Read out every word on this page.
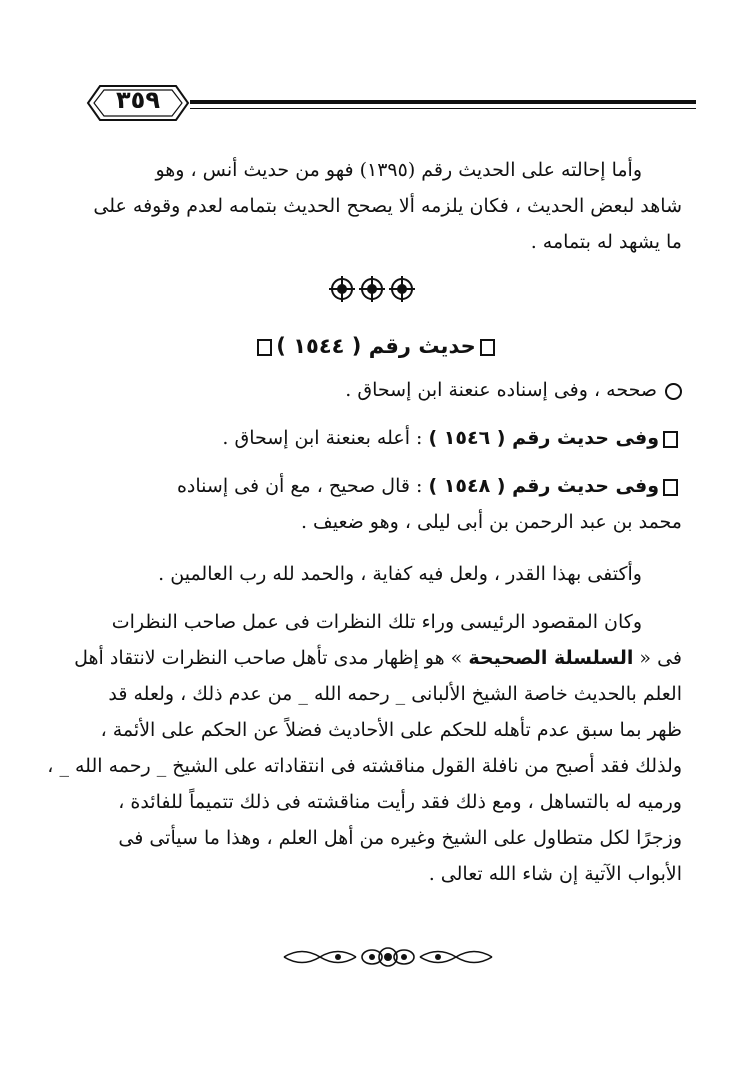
٣٥٩
وأما إحالته على الحديث رقم (١٣٩٥) فهو من حديث أنس ، وهو
شاهد لبعض الحديث ، فكان يلزمه ألا يصحح الحديث بتمامه لعدم وقوفه على
ما يشهد له بتمامه .
حديث رقم ( ١٥٤٤ )
صححه ، وفى إسناده عنعنة ابن إسحاق .
وفى حديث رقم ( ١٥٤٦ ) : أعله بعنعنة ابن إسحاق .
وفى حديث رقم ( ١٥٤٨ ) : قال صحيح ، مع أن فى إسناده
محمد بن عبد الرحمن بن أبى ليلى ، وهو ضعيف .
وأكتفى بهذا القدر ، ولعل فيه كفاية ، والحمد لله رب العالمين .
وكان المقصود الرئيسى وراء تلك النظرات فى عمل صاحب النظرات
فى « السلسلة الصحيحة » هو إظهار مدى تأهل صاحب النظرات لانتقاد أهل
العلم بالحديث خاصة الشيخ الألبانى _ رحمه الله _ من عدم ذلك ، ولعله قد
ظهر بما سبق عدم تأهله للحكم على الأحاديث فضلاً عن الحكم على الأئمة ،
ولذلك فقد أصبح من نافلة القول مناقشته فى انتقاداته على الشيخ _ رحمه الله _ ،
ورميه له بالتساهل ، ومع ذلك فقد رأيت مناقشته فى ذلك تتميماً للفائدة ،
وزجرًا لكل متطاول على الشيخ وغيره من أهل العلم ، وهذا ما سيأتى فى
الأبواب الآتية إن شاء الله تعالى .
